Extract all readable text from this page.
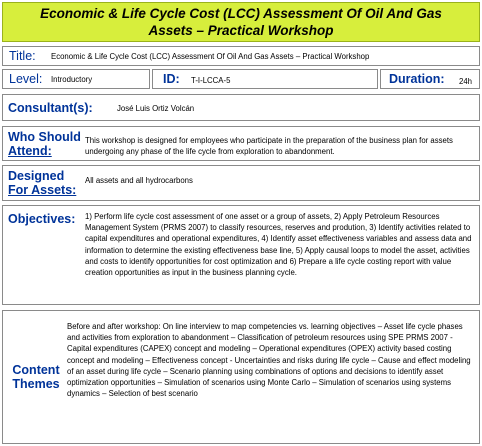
Economic & Life Cycle Cost (LCC) Assessment Of Oil And Gas
Assets – Practical Workshop
Title: Economic & Life Cycle Cost (LCC) Assessment Of Oil And Gas Assets – Practical Workshop
Level: Introductory	ID: T-I-LCCA-5	Duration: 24h
Consultant(s):	José Luis Ortiz Volcán
Who Should
Attend:
This workshop is designed for employees who participate in the preparation of the business plan for assets undergoing any phase of the life cycle from exploration to abandonment.
Designed
For Assets:
All assets and all hydrocarbons
Objectives: 1) Perform life cycle cost assessment of one asset or a group of assets, 2) Apply Petroleum Resources Management System (PRMS 2007) to classify resources, reserves and prodution, 3) Identify activities related to capital expenditures and operational expenditures, 4) Identify asset effectiveness variables and assess data and information to determine the existing effectiveness base line, 5) Apply causal loops to model the asset, activities and costs to identify opportunities for cost optimization and 6) Prepare a life cycle costing report with value creation opportunities as input in the business planning cycle.
Content
Themes
Before and after workshop: On line interview to map competencies vs. learning objectives – Asset life cycle phases and activities from exploration to abandonment – Classification of petroleum resources using SPE PRMS 2007 - Capital expenditures (CAPEX) concept and modeling – Operational expenditures (OPEX) activity based costing concept and modeling – Effectiveness concept - Uncertainties and risks during life cycle – Cause and effect modeling of an asset during life cycle – Scenario planning using combinations of options and decisions to identify asset optimization opportunities – Simulation of scenarios using Monte Carlo – Simulation of scenarios using systems dynamics – Selection of best scenario
